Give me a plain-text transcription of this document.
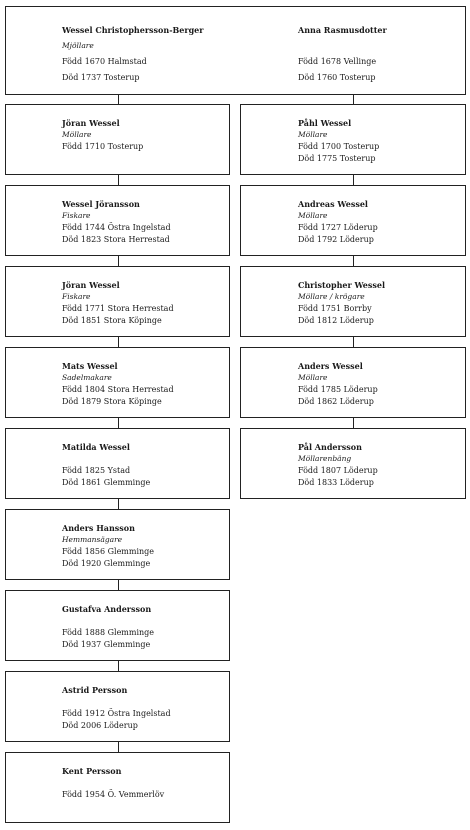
Wessel Christophersson-Berger
Mjöllare
Född 1670 Halmstad
Död 1737 Tosterup
Anna Rasmusdotter
Född 1678 Vellinge
Död 1760 Tosterup
Jöran Wessel
Möllare
Född 1710 Tosterup
Wessel Jöransson
Fiskare
Född 1744 Östra Ingelstad
Död 1823 Stora Herrestad
Jöran Wessel
Fiskare
Född 1771 Stora Herrestad
Död 1851 Stora Köpinge
Mats Wessel
Sadelmakare
Född 1804 Stora Herrestad
Död 1879 Stora Köpinge
Matilda Wessel
Född 1825 Ystad
Död 1861 Glemminge
Anders Hansson
Hemmansägare
Född 1856 Glemminge
Död 1920 Glemminge
Gustafva Andersson
Född 1888 Glemminge
Död 1937 Glemminge
Astrid Persson
Född 1912 Östra Ingelstad
Död 2006 Löderup
Kent Persson
Född 1954 Ö. Vemmerlöv
Påhl Wessel
Möllare
Född 1700 Tosterup
Död 1775 Tosterup
Andreas Wessel
Möllare
Född 1727 Löderup
Död 1792 Löderup
Christopher Wessel
Möllare / krögare
Född 1751 Borrby
Död 1812 Löderup
Anders Wessel
Möllare
Född 1785 Löderup
Död 1862 Löderup
Pål Andersson
Möllarenbäng
Född 1807 Löderup
Död 1833 Löderup
